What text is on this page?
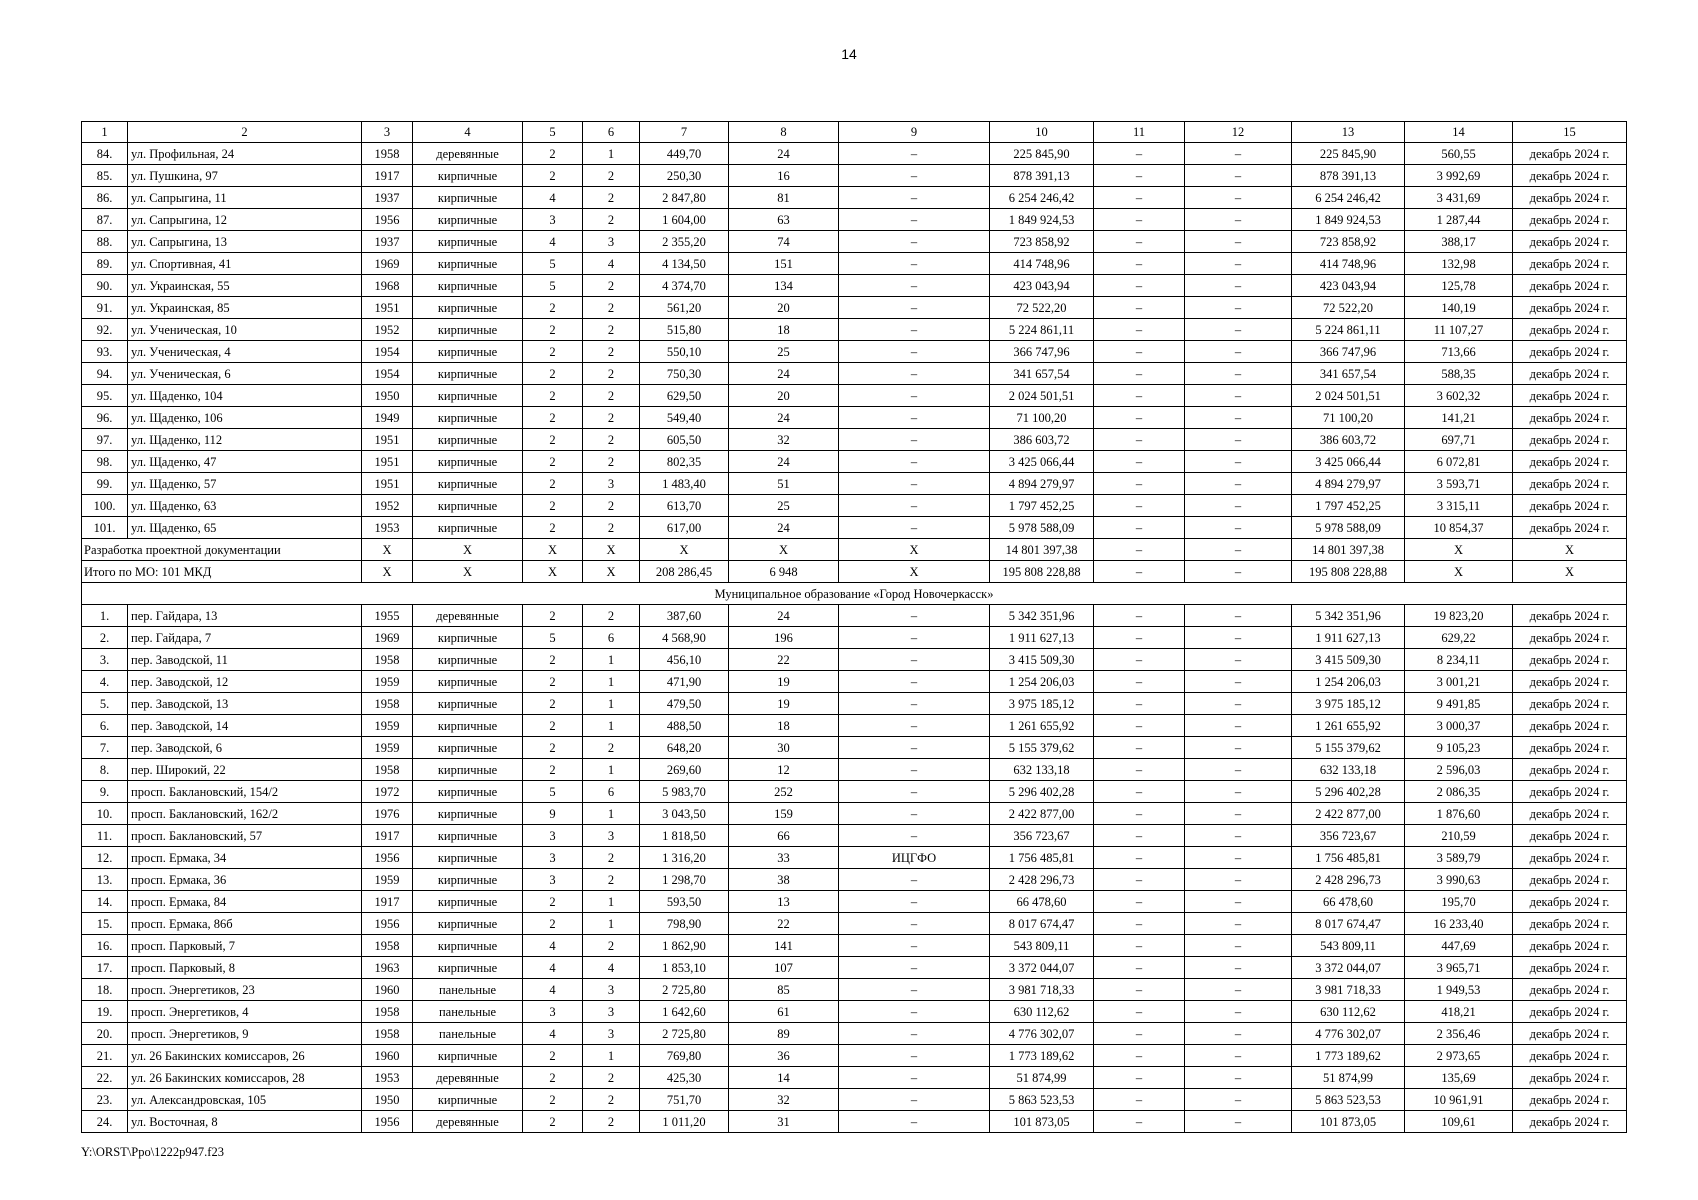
14
1	2	3	4	5	6	7	8	9	10	11	12	13	14	15
84.	ул. Профильная, 24	1958	деревянные	2	1	449,70	24	–	225 845,90	–	–	225 845,90	560,55	декабрь 2024 г.
85.	ул. Пушкина, 97	1917	кирпичные	2	2	250,30	16	–	878 391,13	–	–	878 391,13	3 992,69	декабрь 2024 г.
86.	ул. Сапрыгина, 11	1937	кирпичные	4	2	2 847,80	81	–	6 254 246,42	–	–	6 254 246,42	3 431,69	декабрь 2024 г.
87.	ул. Сапрыгина, 12	1956	кирпичные	3	2	1 604,00	63	–	1 849 924,53	–	–	1 849 924,53	1 287,44	декабрь 2024 г.
88.	ул. Сапрыгина, 13	1937	кирпичные	4	3	2 355,20	74	–	723 858,92	–	–	723 858,92	388,17	декабрь 2024 г.
89.	ул. Спортивная, 41	1969	кирпичные	5	4	4 134,50	151	–	414 748,96	–	–	414 748,96	132,98	декабрь 2024 г.
90.	ул. Украинская, 55	1968	кирпичные	5	2	4 374,70	134	–	423 043,94	–	–	423 043,94	125,78	декабрь 2024 г.
91.	ул. Украинская, 85	1951	кирпичные	2	2	561,20	20	–	72 522,20	–	–	72 522,20	140,19	декабрь 2024 г.
92.	ул. Ученическая, 10	1952	кирпичные	2	2	515,80	18	–	5 224 861,11	–	–	5 224 861,11	11 107,27	декабрь 2024 г.
93.	ул. Ученическая, 4	1954	кирпичные	2	2	550,10	25	–	366 747,96	–	–	366 747,96	713,66	декабрь 2024 г.
94.	ул. Ученическая, 6	1954	кирпичные	2	2	750,30	24	–	341 657,54	–	–	341 657,54	588,35	декабрь 2024 г.
95.	ул. Щаденко, 104	1950	кирпичные	2	2	629,50	20	–	2 024 501,51	–	–	2 024 501,51	3 602,32	декабрь 2024 г.
96.	ул. Щаденко, 106	1949	кирпичные	2	2	549,40	24	–	71 100,20	–	–	71 100,20	141,21	декабрь 2024 г.
97.	ул. Щаденко, 112	1951	кирпичные	2	2	605,50	32	–	386 603,72	–	–	386 603,72	697,71	декабрь 2024 г.
98.	ул. Щаденко, 47	1951	кирпичные	2	2	802,35	24	–	3 425 066,44	–	–	3 425 066,44	6 072,81	декабрь 2024 г.
99.	ул. Щаденко, 57	1951	кирпичные	2	3	1 483,40	51	–	4 894 279,97	–	–	4 894 279,97	3 593,71	декабрь 2024 г.
100.	ул. Щаденко, 63	1952	кирпичные	2	2	613,70	25	–	1 797 452,25	–	–	1 797 452,25	3 315,11	декабрь 2024 г.
101.	ул. Щаденко, 65	1953	кирпичные	2	2	617,00	24	–	5 978 588,09	–	–	5 978 588,09	10 854,37	декабрь 2024 г.
Разработка проектной документации		Х	Х	Х	Х	Х	Х	Х	14 801 397,38	–	–	14 801 397,38	Х	Х
Итого по МО: 101 МКД		Х	Х	Х	Х	208 286,45	6 948	Х	195 808 228,88	–	–	195 808 228,88	Х	Х
Муниципальное образование «Город Новочеркасск»														
1.	пер. Гайдара, 13	1955	деревянные	2	2	387,60	24	–	5 342 351,96	–	–	5 342 351,96	19 823,20	декабрь 2024 г.
2.	пер. Гайдара, 7	1969	кирпичные	5	6	4 568,90	196	–	1 911 627,13	–	–	1 911 627,13	629,22	декабрь 2024 г.
3.	пер. Заводской, 11	1958	кирпичные	2	1	456,10	22	–	3 415 509,30	–	–	3 415 509,30	8 234,11	декабрь 2024 г.
4.	пер. Заводской, 12	1959	кирпичные	2	1	471,90	19	–	1 254 206,03	–	–	1 254 206,03	3 001,21	декабрь 2024 г.
5.	пер. Заводской, 13	1958	кирпичные	2	1	479,50	19	–	3 975 185,12	–	–	3 975 185,12	9 491,85	декабрь 2024 г.
6.	пер. Заводской, 14	1959	кирпичные	2	1	488,50	18	–	1 261 655,92	–	–	1 261 655,92	3 000,37	декабрь 2024 г.
7.	пер. Заводской, 6	1959	кирпичные	2	2	648,20	30	–	5 155 379,62	–	–	5 155 379,62	9 105,23	декабрь 2024 г.
8.	пер. Широкий, 22	1958	кирпичные	2	1	269,60	12	–	632 133,18	–	–	632 133,18	2 596,03	декабрь 2024 г.
9.	просп. Баклановский, 154/2	1972	кирпичные	5	6	5 983,70	252	–	5 296 402,28	–	–	5 296 402,28	2 086,35	декабрь 2024 г.
10.	просп. Баклановский, 162/2	1976	кирпичные	9	1	3 043,50	159	–	2 422 877,00	–	–	2 422 877,00	1 876,60	декабрь 2024 г.
11.	просп. Баклановский, 57	1917	кирпичные	3	3	1 818,50	66	–	356 723,67	–	–	356 723,67	210,59	декабрь 2024 г.
12.	просп. Ермака, 34	1956	кирпичные	3	2	1 316,20	33	ИЦГФО	1 756 485,81	–	–	1 756 485,81	3 589,79	декабрь 2024 г.
13.	просп. Ермака, 36	1959	кирпичные	3	2	1 298,70	38	–	2 428 296,73	–	–	2 428 296,73	3 990,63	декабрь 2024 г.
14.	просп. Ермака, 84	1917	кирпичные	2	1	593,50	13	–	66 478,60	–	–	66 478,60	195,70	декабрь 2024 г.
15.	просп. Ермака, 86б	1956	кирпичные	2	1	798,90	22	–	8 017 674,47	–	–	8 017 674,47	16 233,40	декабрь 2024 г.
16.	просп. Парковый, 7	1958	кирпичные	4	2	1 862,90	141	–	543 809,11	–	–	543 809,11	447,69	декабрь 2024 г.
17.	просп. Парковый, 8	1963	кирпичные	4	4	1 853,10	107	–	3 372 044,07	–	–	3 372 044,07	3 965,71	декабрь 2024 г.
18.	просп. Энергетиков, 23	1960	панельные	4	3	2 725,80	85	–	3 981 718,33	–	–	3 981 718,33	1 949,53	декабрь 2024 г.
19.	просп. Энергетиков, 4	1958	панельные	3	3	1 642,60	61	–	630 112,62	–	–	630 112,62	418,21	декабрь 2024 г.
20.	просп. Энергетиков, 9	1958	панельные	4	3	2 725,80	89	–	4 776 302,07	–	–	4 776 302,07	2 356,46	декабрь 2024 г.
21.	ул. 26 Бакинских комиссаров, 26	1960	кирпичные	2	1	769,80	36	–	1 773 189,62	–	–	1 773 189,62	2 973,65	декабрь 2024 г.
22.	ул. 26 Бакинских комиссаров, 28	1953	деревянные	2	2	425,30	14	–	51 874,99	–	–	51 874,99	135,69	декабрь 2024 г.
23.	ул. Александровская, 105	1950	кирпичные	2	2	751,70	32	–	5 863 523,53	–	–	5 863 523,53	10 961,91	декабрь 2024 г.
24.	ул. Восточная, 8	1956	деревянные	2	2	1 011,20	31	–	101 873,05	–	–	101 873,05	109,61	декабрь 2024 г.
Y:\ORST\Ppo\1222p947.f23
